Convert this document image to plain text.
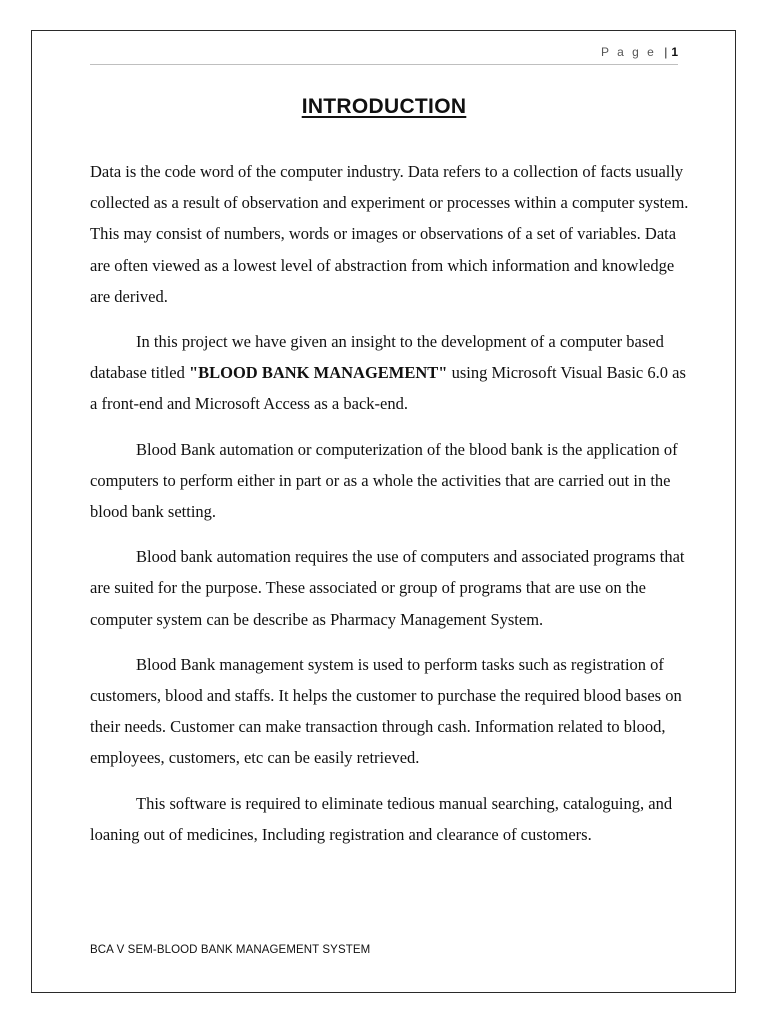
P a g e | 1
INTRODUCTION

Data is the code word of the computer industry. Data refers to a collection of facts usually collected as a result of observation and experiment or processes within a computer system. This may consist of numbers, words or images or observations of a set of variables. Data are often viewed as a lowest level of abstraction from which information and knowledge are derived.

In this project we have given an insight to the development of a computer based database titled "BLOOD BANK MANAGEMENT" using Microsoft Visual Basic 6.0 as a front-end and Microsoft Access as a back-end.

Blood Bank automation or computerization of the blood bank is the application of computers to perform either in part or as a whole the activities that are carried out in the blood bank setting.

Blood bank automation requires the use of computers and associated programs that are suited for the purpose. These associated or group of programs that are use on the computer system can be describe as Pharmacy Management System.

Blood Bank management system is used to perform tasks such as registration of customers, blood and staffs. It helps the customer to purchase the required blood bases on their needs. Customer can make transaction through cash. Information related to blood, employees, customers, etc can be easily retrieved.

This software is required to eliminate tedious manual searching, cataloguing, and loaning out of medicines, Including registration and clearance of customers.

BCA V SEM-BLOOD BANK MANAGEMENT SYSTEM
